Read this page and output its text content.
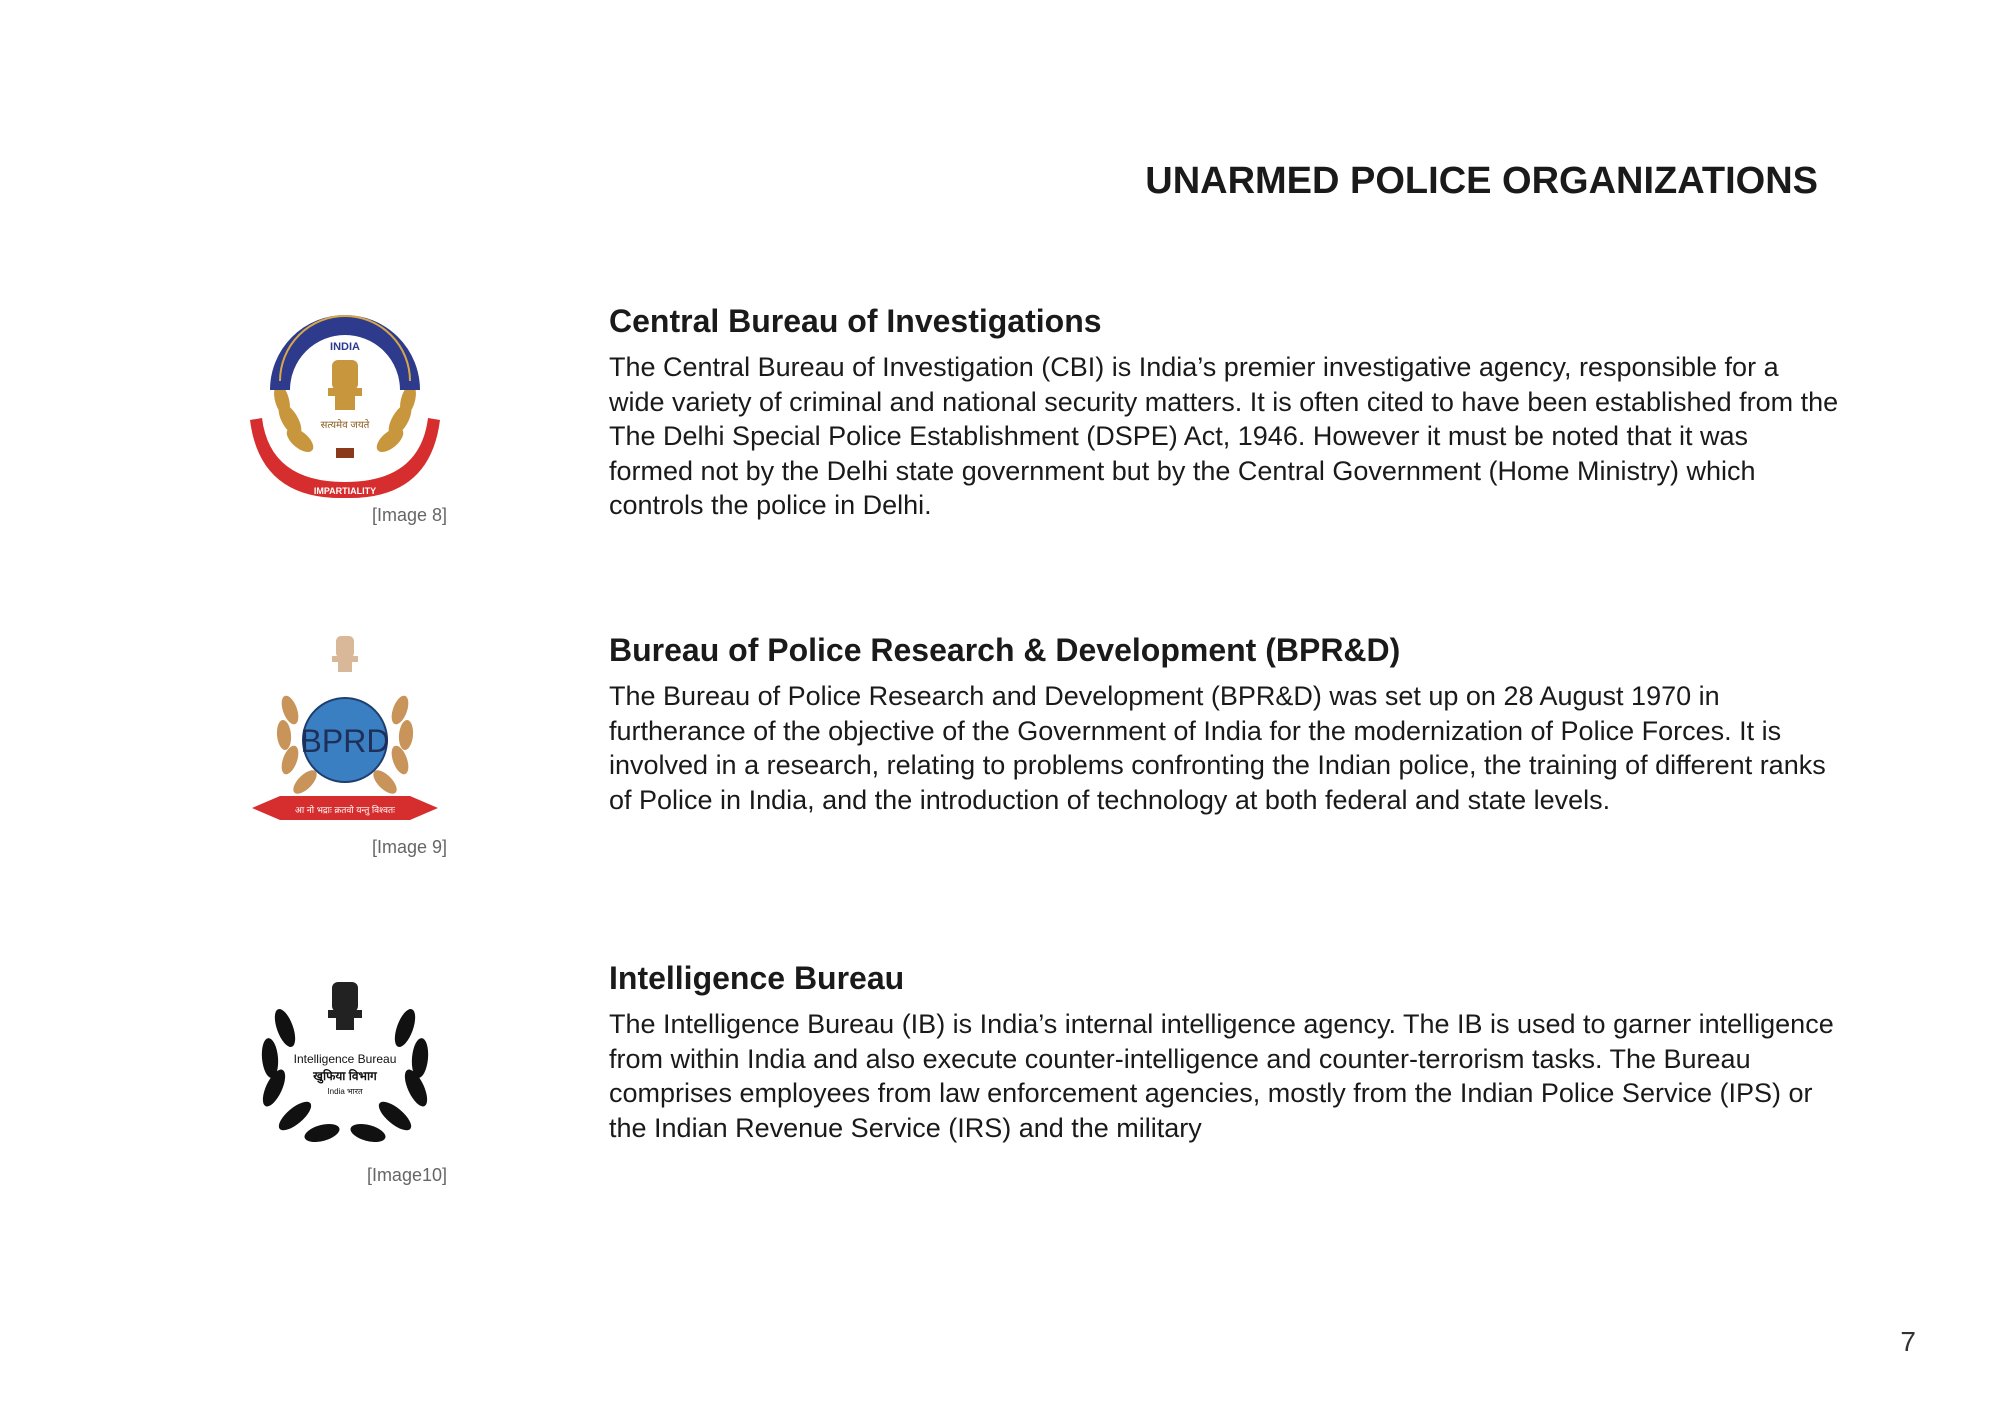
UNARMED POLICE ORGANIZATIONS
INDIA
सत्यमेव जयते
IMPARTIALITY
[Image 8]
Central Bureau of Investigations
The Central Bureau of Investigation (CBI) is India’s premier investigative agency, responsible for a wide variety of criminal and national security matters. It is often cited to have been established from the The Delhi Special Police Establishment (DSPE) Act, 1946. However it must be noted that it was formed not by the Delhi state government but by the Central Government (Home Ministry) which controls the police in Delhi.
BPRD
आ नो भद्राः क्रतवो यन्तु विश्वतः
[Image 9]
Bureau of Police Research & Development (BPR&D)
The Bureau of Police Research and Development (BPR&D) was set up on 28 August 1970 in furtherance of the objective of the Government of India for the modernization of Police Forces. It is involved in a research, relating to problems confronting the Indian police, the training of different ranks of Police in India, and the introduction of technology at both federal and state levels.
Intelligence Bureau
खुफिया विभाग
India भारत
[Image10]
Intelligence Bureau
The Intelligence Bureau (IB) is India’s internal intelligence agency. The IB is used to garner intelligence from within India and also execute counter-intelligence and counter-terrorism tasks. The Bureau comprises employees from law enforcement agencies, mostly from the Indian Police Service (IPS) or the Indian Revenue Service (IRS) and the military
7
